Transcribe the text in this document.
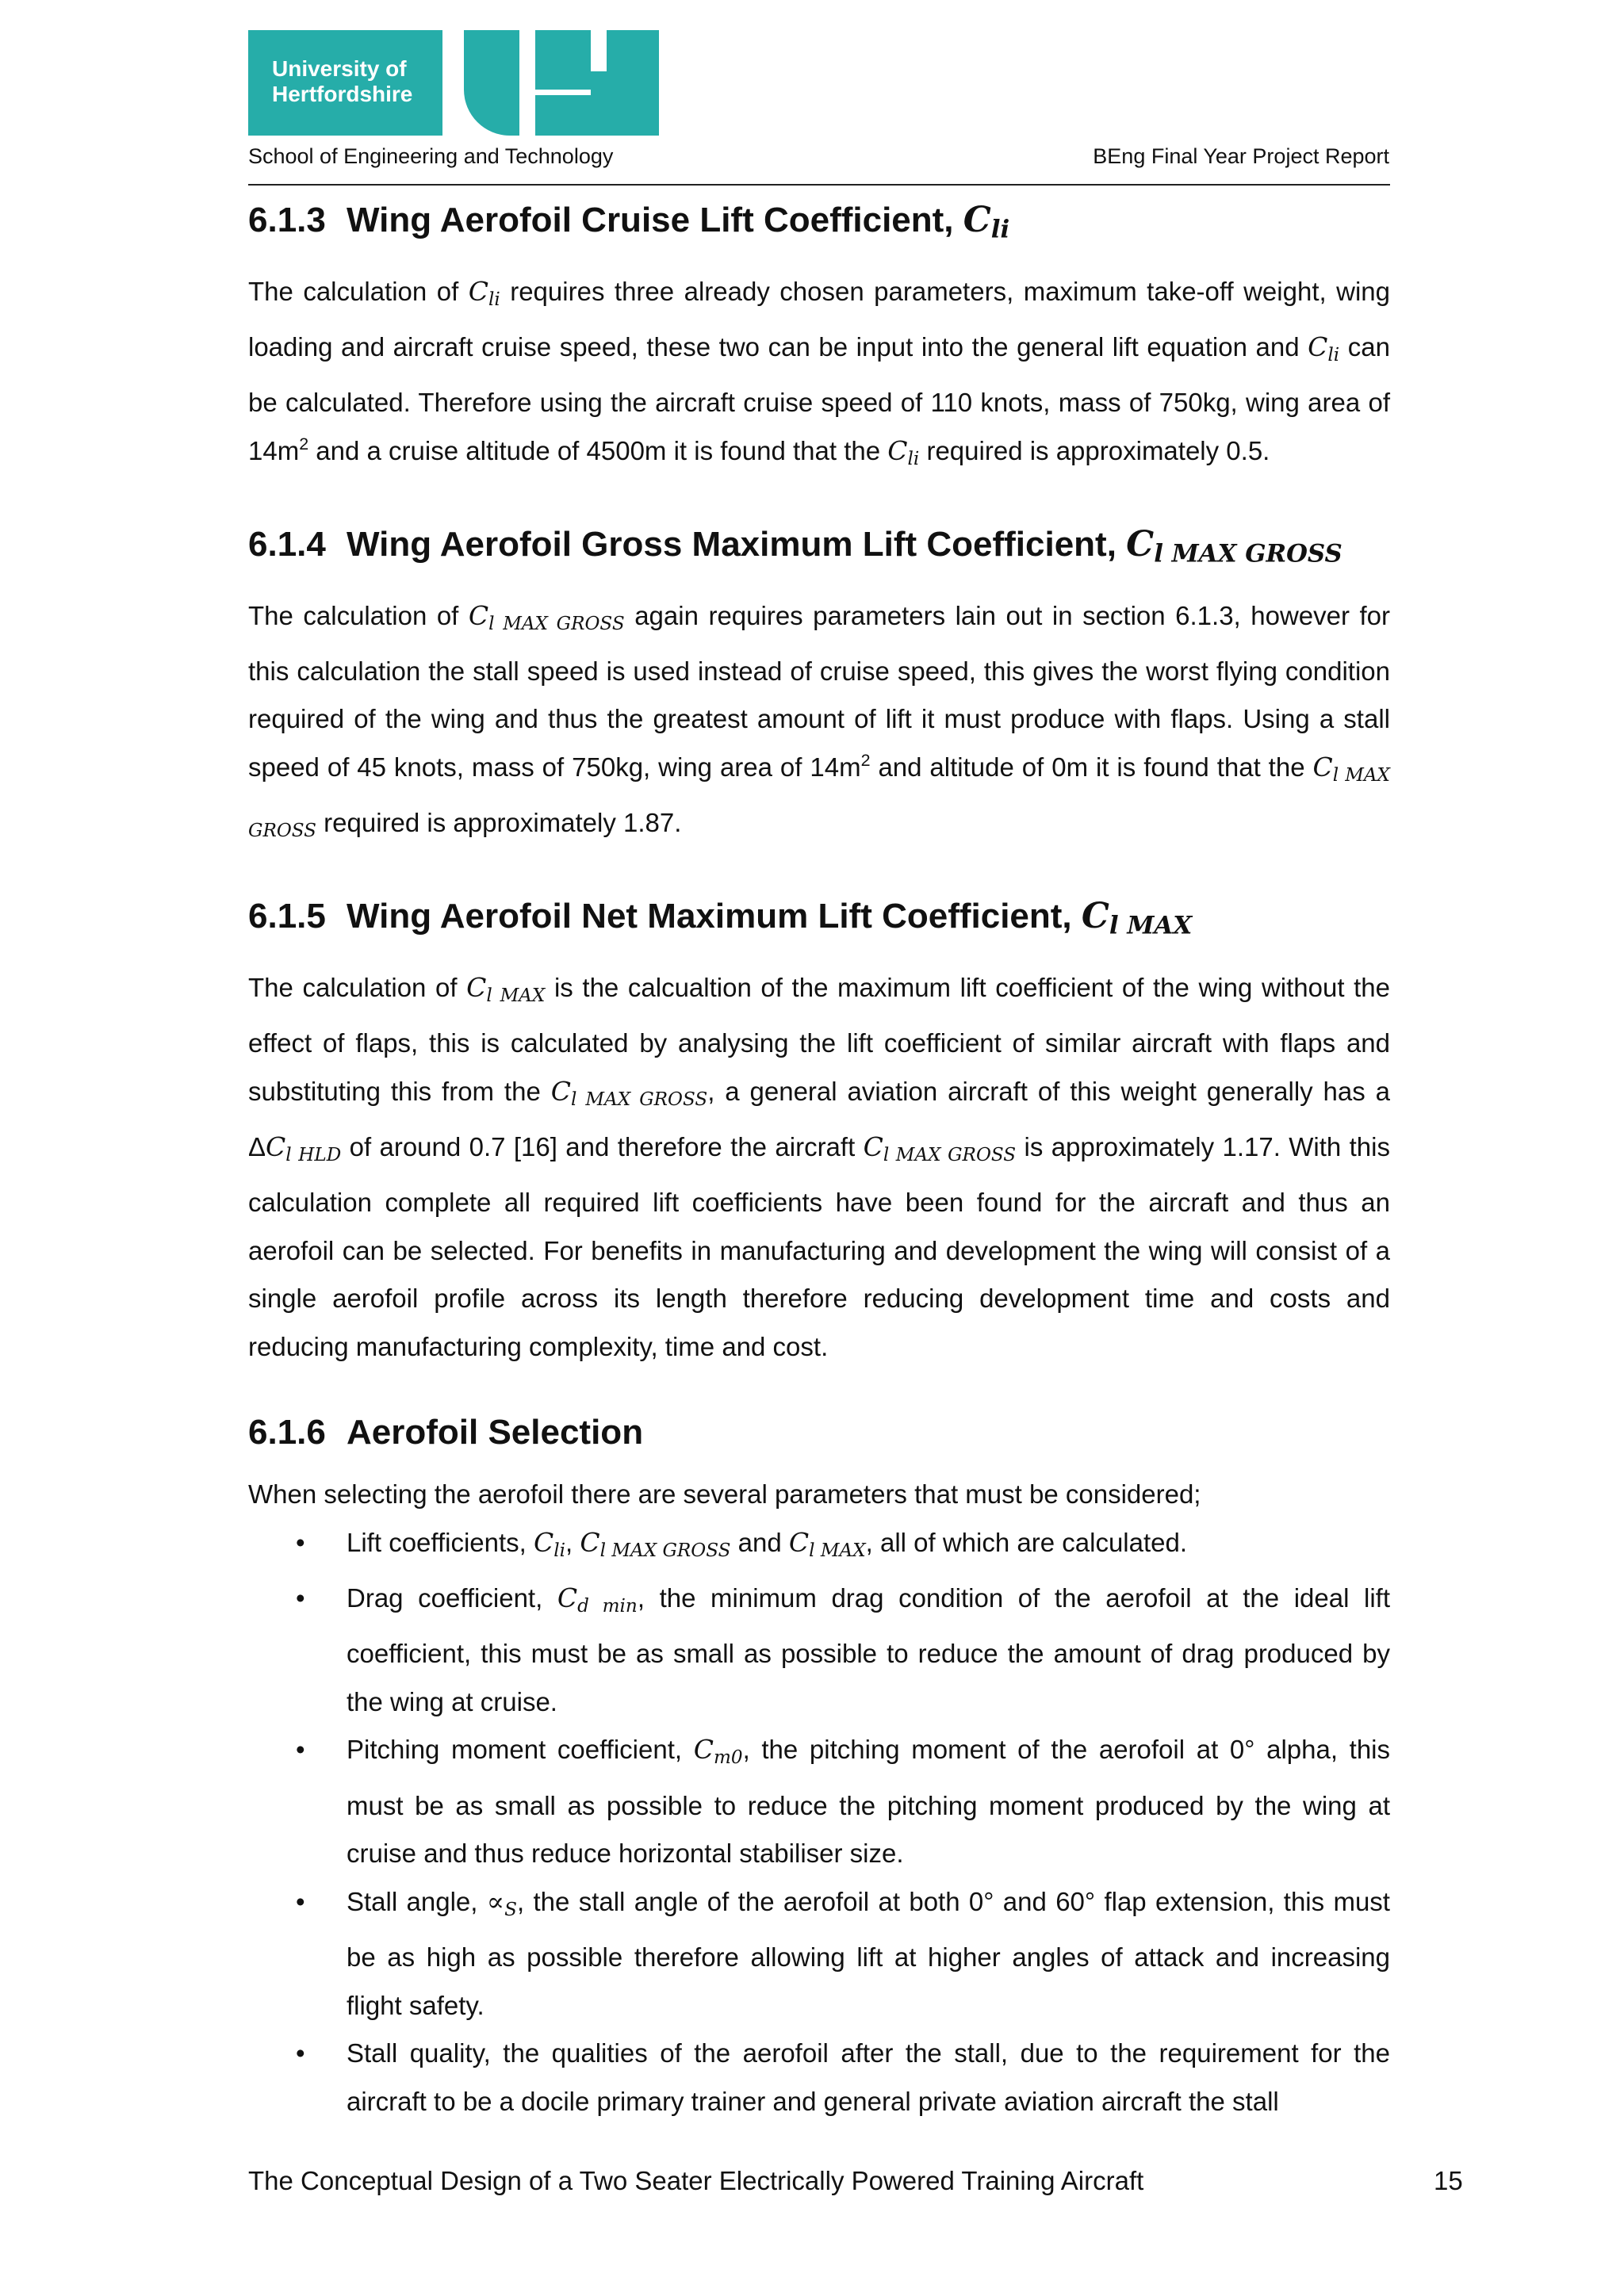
University of
Hertfordshire
School of Engineering and Technology	BEng Final Year Project Report
6.1.3 Wing Aerofoil Cruise Lift Coefficient, $C_{li}$

The calculation of $C_{li}$ requires three already chosen parameters, maximum take-off weight, wing loading and aircraft cruise speed, these two can be input into the general lift equation and $C_{li}$ can be calculated. Therefore using the aircraft cruise speed of 110 knots, mass of 750kg, wing area of $14m^2$ and a cruise altitude of 4500m it is found that the $C_{li}$ required is approximately 0.5.

6.1.4 Wing Aerofoil Gross Maximum Lift Coefficient, $C_{l MAX GROSS}$

The calculation of $C_{l MAX GROSS}$ again requires parameters lain out in section 6.1.3, however for this calculation the stall speed is used instead of cruise speed, this gives the worst flying condition required of the wing and thus the greatest amount of lift it must produce with flaps. Using a stall speed of 45 knots, mass of 750kg, wing area of $14m^2$ and altitude of 0m it is found that the $C_{l MAX GROSS}$ required is approximately 1.87.

6.1.5 Wing Aerofoil Net Maximum Lift Coefficient, $C_{l MAX}$

The calculation of $C_{l MAX}$ is the calcualtion of the maximum lift coefficient of the wing without the effect of flaps, this is calculated by analysing the lift coefficient of similar aircraft with flaps and substituting this from the $C_{l MAX GROSS}$, a general aviation aircraft of this weight generally has a $\Delta C_{l HLD}$ of around 0.7 [16] and therefore the aircraft $C_{l MAX GROSS}$ is approximately 1.17. With this calculation complete all required lift coefficients have been found for the aircraft and thus an aerofoil can be selected. For benefits in manufacturing and development the wing will consist of a single aerofoil profile across its length therefore reducing development time and costs and reducing manufacturing complexity, time and cost.

6.1.6 Aerofoil Selection

When selecting the aerofoil there are several parameters that must be considered;

• Lift coefficients, $C_{li}$, $C_{l MAX GROSS}$ and $C_{l MAX}$, all of which are calculated.
• Drag coefficient, $C_{d min}$, the minimum drag condition of the aerofoil at the ideal lift coefficient, this must be as small as possible to reduce the amount of drag produced by the wing at cruise.
• Pitching moment coefficient, $C_{m0}$, the pitching moment of the aerofoil at 0° alpha, this must be as small as possible to reduce the pitching moment produced by the wing at cruise and thus reduce horizontal stabiliser size.
• Stall angle, $\propto_S$, the stall angle of the aerofoil at both 0° and 60° flap extension, this must be as high as possible therefore allowing lift at higher angles of attack and increasing flight safety.
• Stall quality, the qualities of the aerofoil after the stall, due to the requirement for the aircraft to be a docile primary trainer and general private aviation aircraft the stall
The Conceptual Design of a Two Seater Electrically Powered Training Aircraft	15
